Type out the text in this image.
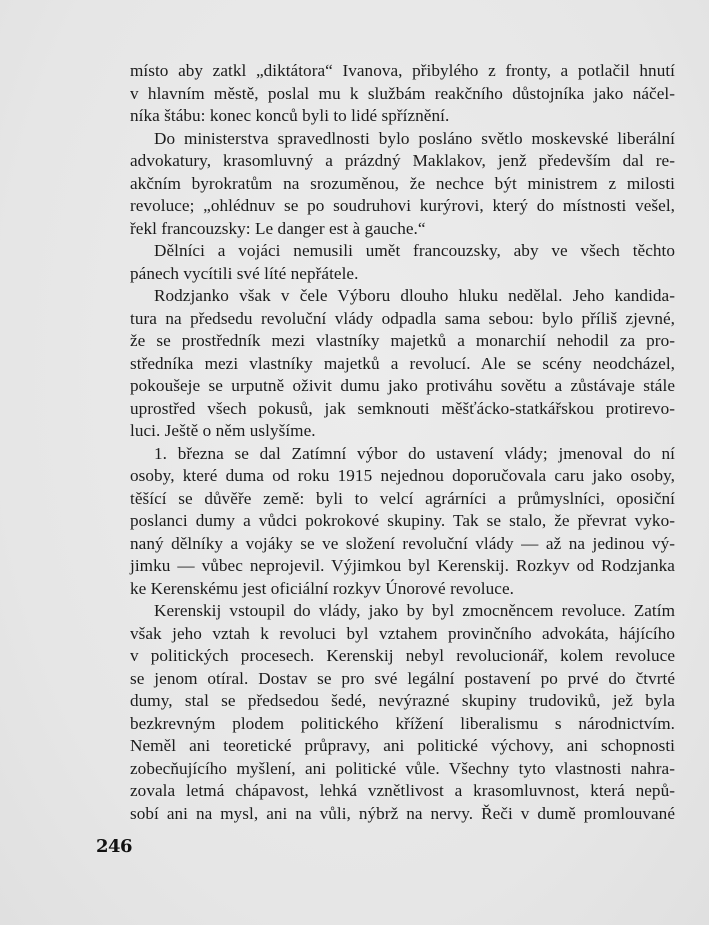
místo aby zatkl „diktátora“ Ivanova, přibylého z fronty, a potlačil hnutí
v hlavním městě, poslal mu k službám reakčního důstojníka jako náčel-
níka štábu: konec konců byli to lidé spříznění.
Do ministerstva spravedlnosti bylo posláno světlo moskevské liberální
advokatury, krasomluvný a prázdný Maklakov, jenž především dal re-
akčním byrokratům na srozuměnou, že nechce být ministrem z milosti
revoluce; „ohlédnuv se po soudruhovi kurýrovi, který do místnosti vešel,
řekl francouzsky: Le danger est à gauche.“
Dělníci a vojáci nemusili umět francouzsky, aby ve všech těchto
pánech vycítili své líté nepřátele.
Rodzjanko však v čele Výboru dlouho hluku nedělal. Jeho kandida-
tura na předsedu revoluční vlády odpadla sama sebou: bylo příliš zjevné,
že se prostředník mezi vlastníky majetků a monarchií nehodil za pro-
středníka mezi vlastníky majetků a revolucí. Ale se scény neodcházel,
pokoušeje se urputně oživit dumu jako protiváhu sovětu a zůstávaje stále
uprostřed všech pokusů, jak semknouti měšťácko-statkářskou protirevo-
luci. Ještě o něm uslyšíme.
1. března se dal Zatímní výbor do ustavení vlády; jmenoval do ní
osoby, které duma od roku 1915 nejednou doporučovala caru jako osoby,
těšící se důvěře země: byli to velcí agrárníci a průmyslníci, oposiční
poslanci dumy a vůdci pokrokové skupiny. Tak se stalo, že převrat vyko-
naný dělníky a vojáky se ve složení revoluční vlády — až na jedinou vý-
jimku — vůbec neprojevil. Výjimkou byl Kerenskij. Rozkyv od Rodzjanka
ke Kerenskému jest oficiální rozkyv Únorové revoluce.
Kerenskij vstoupil do vlády, jako by byl zmocněncem revoluce. Zatím
však jeho vztah k revoluci byl vztahem provinčního advokáta, hájícího
v politických procesech. Kerenskij nebyl revolucionář, kolem revoluce
se jenom otíral. Dostav se pro své legální postavení po prvé do čtvrté
dumy, stal se předsedou šedé, nevýrazné skupiny trudoviků, jež byla
bezkrevným plodem politického křížení liberalismu s národnictvím.
Neměl ani teoretické průpravy, ani politické výchovy, ani schopnosti
zobecňujícího myšlení, ani politické vůle. Všechny tyto vlastnosti nahra-
zovala letmá chápavost, lehká vznětlivost a krasomluvnost, která nepů-
sobí ani na mysl, ani na vůli, nýbrž na nervy. Řeči v dumě promlouvané
246
